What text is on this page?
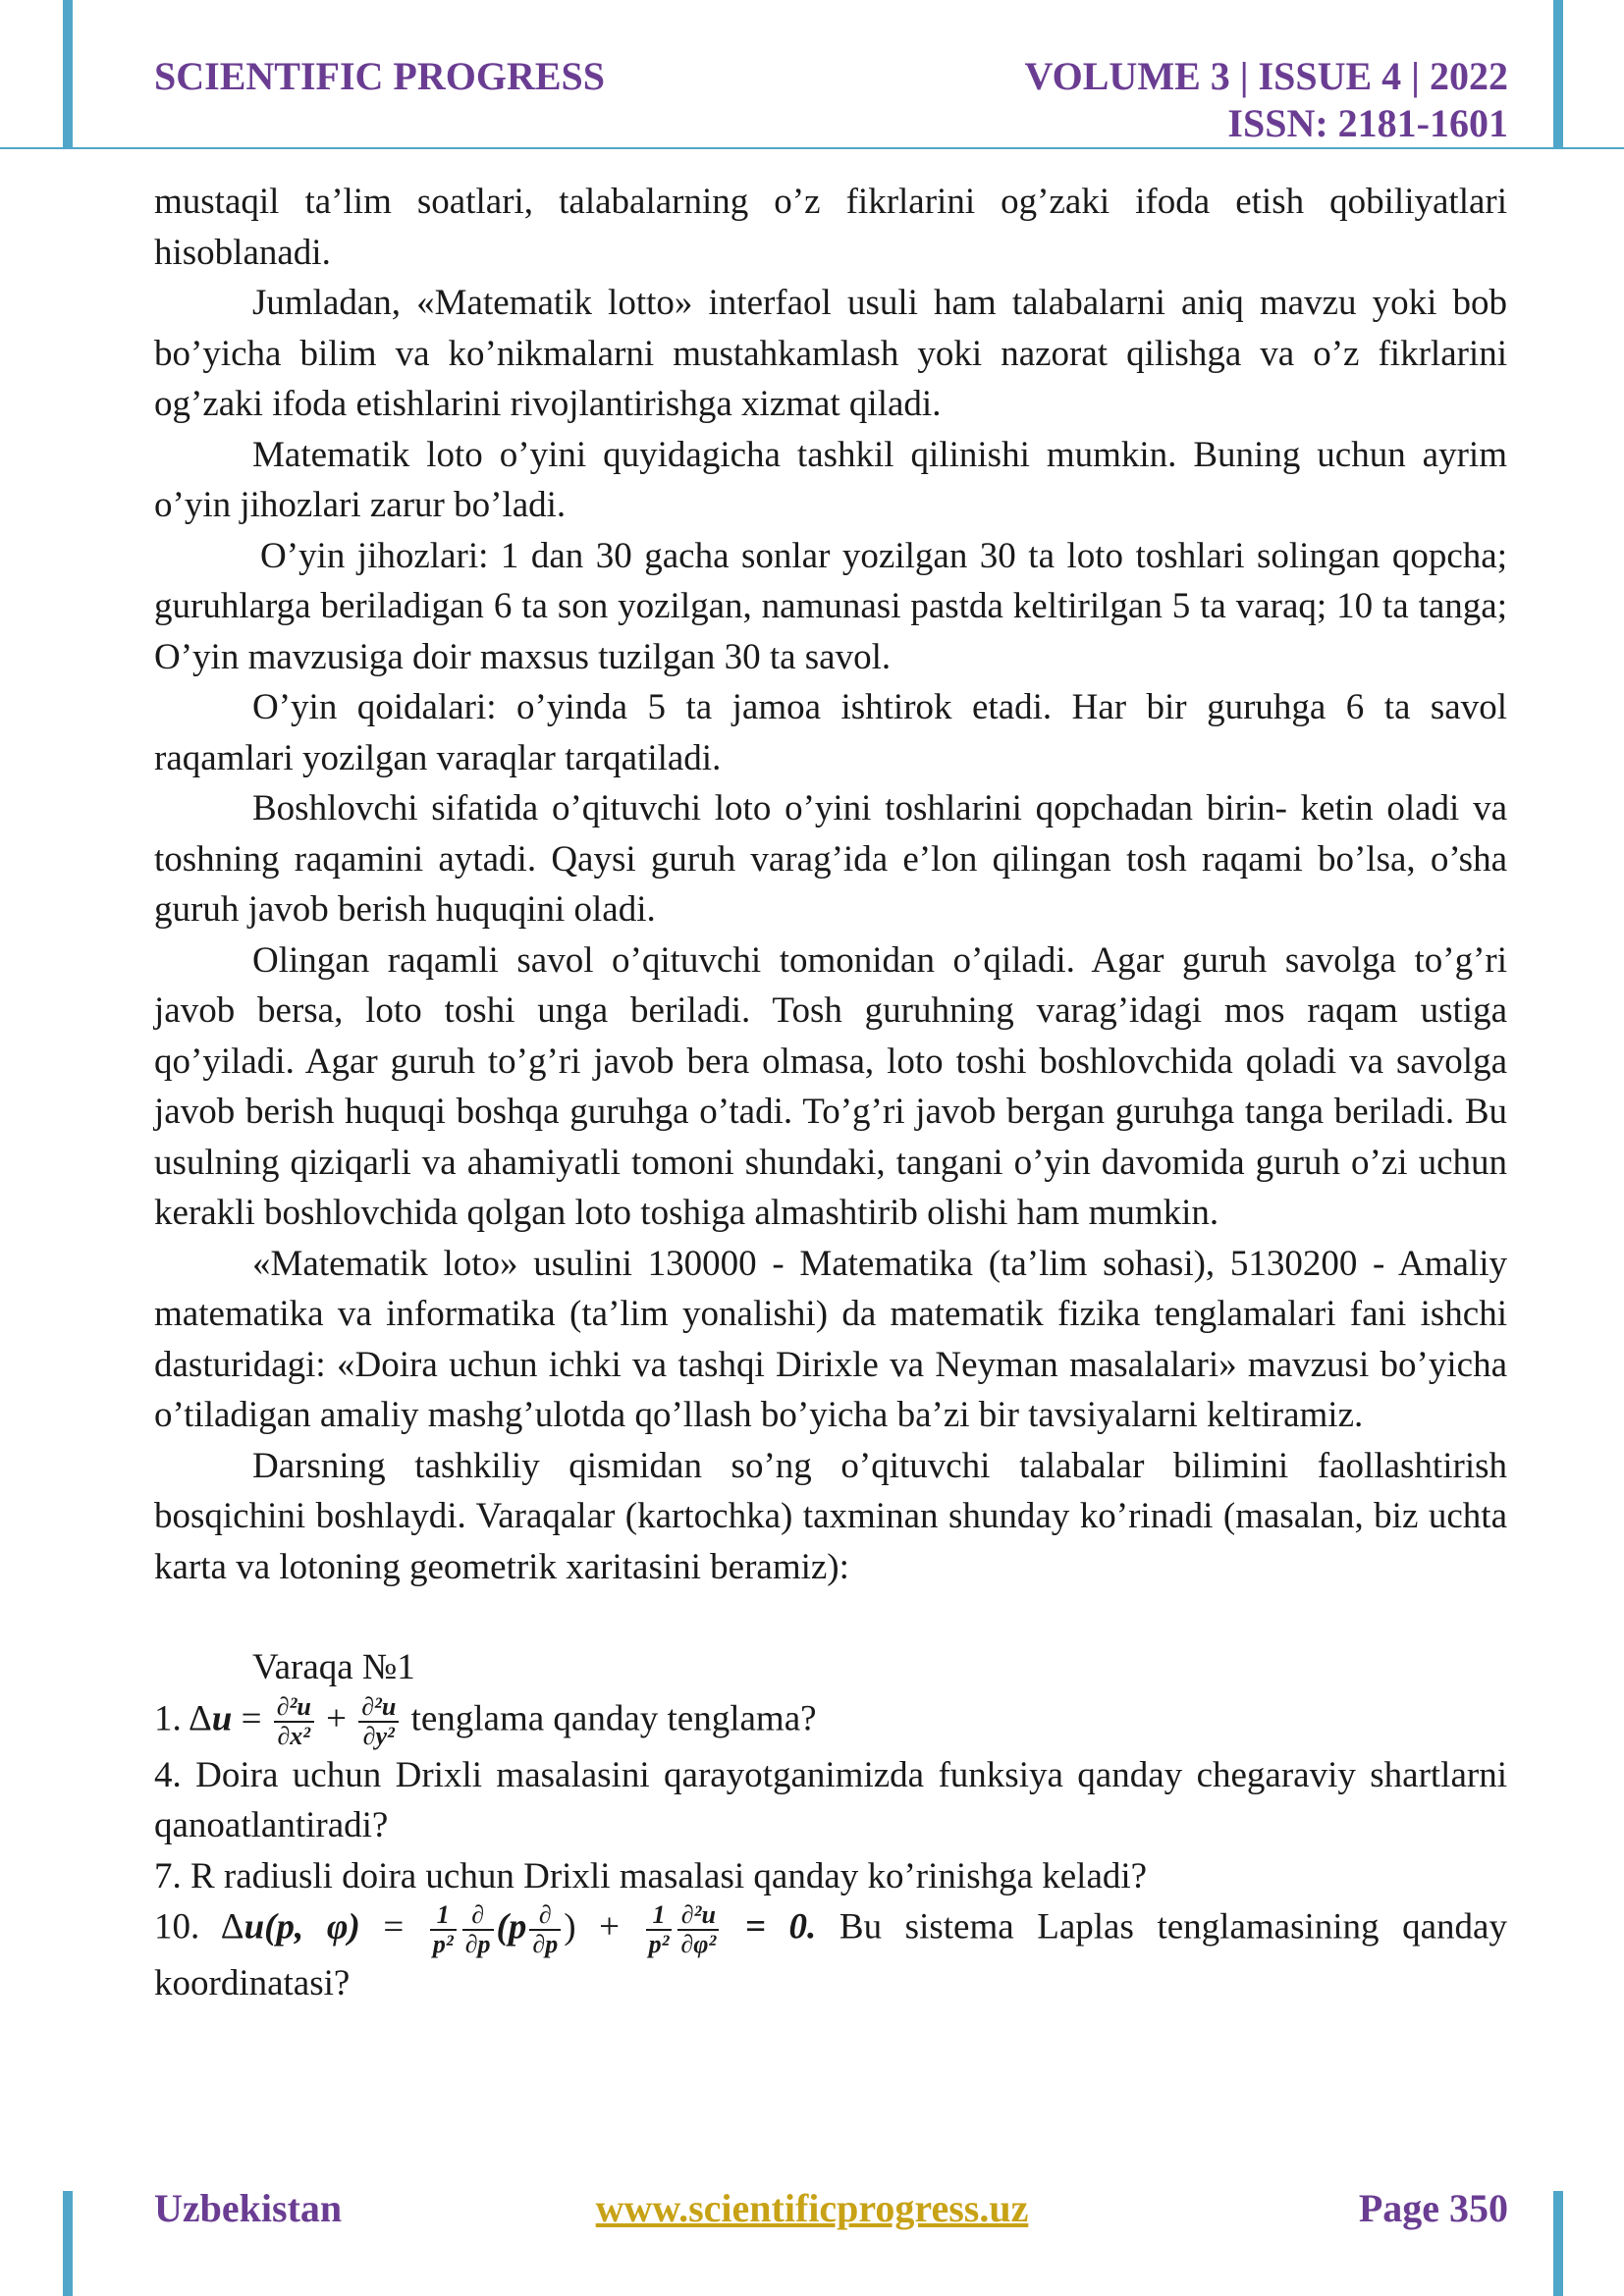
SCIENTIFIC PROGRESS	VOLUME 3 | ISSUE 4 | 2022
ISSN: 2181-1601

mustaqil ta’lim soatlari, talabalarning o’z fikrlarini og’zaki ifoda etish qobiliyatlari hisoblanadi.

Jumladan, «Matematik lotto» interfaol usuli ham talabalarni aniq mavzu yoki bob bo’yicha bilim va ko’nikmalarni mustahkamlash yoki nazorat qilishga va o’z fikrlarini og’zaki ifoda etishlarini rivojlantirishga xizmat qiladi.

Matematik loto o’yini quyidagicha tashkil qilinishi mumkin. Buning uchun ayrim o’yin jihozlari zarur bo’ladi.

O’yin jihozlari: 1 dan 30 gacha sonlar yozilgan 30 ta loto toshlari solingan qopcha; guruhlarga beriladigan 6 ta son yozilgan, namunasi pastda keltirilgan 5 ta varaq; 10 ta tanga; O’yin mavzusiga doir maxsus tuzilgan 30 ta savol.

O’yin qoidalari: o’yinda 5 ta jamoa ishtirok etadi. Har bir guruhga 6 ta savol raqamlari yozilgan varaqlar tarqatiladi.

Boshlovchi sifatida o’qituvchi loto o’yini toshlarini qopchadan birin- ketin oladi va toshning raqamini aytadi. Qaysi guruh varag’ida e’lon qilingan tosh raqami bo’lsa, o’sha guruh javob berish huquqini oladi.

Olingan raqamli savol o’qituvchi tomonidan o’qiladi. Agar guruh savolga to’g’ri javob bersa, loto toshi unga beriladi. Tosh guruhning varag’idagi mos raqam ustiga qo’yiladi. Agar guruh to’g’ri javob bera olmasa, loto toshi boshlovchida qoladi va savolga javob berish huquqi boshqa guruhga o’tadi. To’g’ri javob bergan guruhga tanga beriladi. Bu usulning qiziqarli va ahamiyatli tomoni shundaki, tangani o’yin davomida guruh o’zi uchun kerakli boshlovchida qolgan loto toshiga almashtirib olishi ham mumkin.

«Matematik loto» usulini 130000 - Matematika (ta’lim sohasi), 5130200 - Amaliy matematika va informatika (ta’lim yonalishi) da matematik fizika tenglamalari fani ishchi dasturidagi: «Doira uchun ichki va tashqi Dirixle va Neyman masalalari» mavzusi bo’yicha o’tiladigan amaliy mashg’ulotda qo’llash bo’yicha ba’zi bir tavsiyalarni keltiramiz.

Darsning tashkiliy qismidan so’ng o’qituvchi talabalar bilimini faollashtirish bosqichini boshlaydi. Varaqalar (kartochka) taxminan shunday ko’rinadi (masalan, biz uchta karta va lotoning geometrik xaritasini beramiz):

Varaqa №1

1. $\Delta u = \frac{\text{∂²u}}{\text{∂x²}} + \frac{\text{∂²u}}{\text{∂y²}}$ tenglama qanday tenglama?

4. Doira uchun Drixli masalasini qarayotganimizda funksiya qanday chegaraviy shartlarni qanoatlantiradi?

7. R radiusli doira uchun Drixli masalasi qanday ko’rinishga keladi?

10. Δu(p, $\varphi) = \frac{1}{\text{p²}} \frac{\partial}{\partial p} (p \frac{\partial}{\partial p}$ ) + $\frac{1}{\text{p²}} \frac{\text{∂²u}}{\text{∂φ²}} = 0$. Bu sistema Laplas tenglamasining qanday koordinatasi?

Uzbekistan	www.scientificprogress.uz	Page 350
